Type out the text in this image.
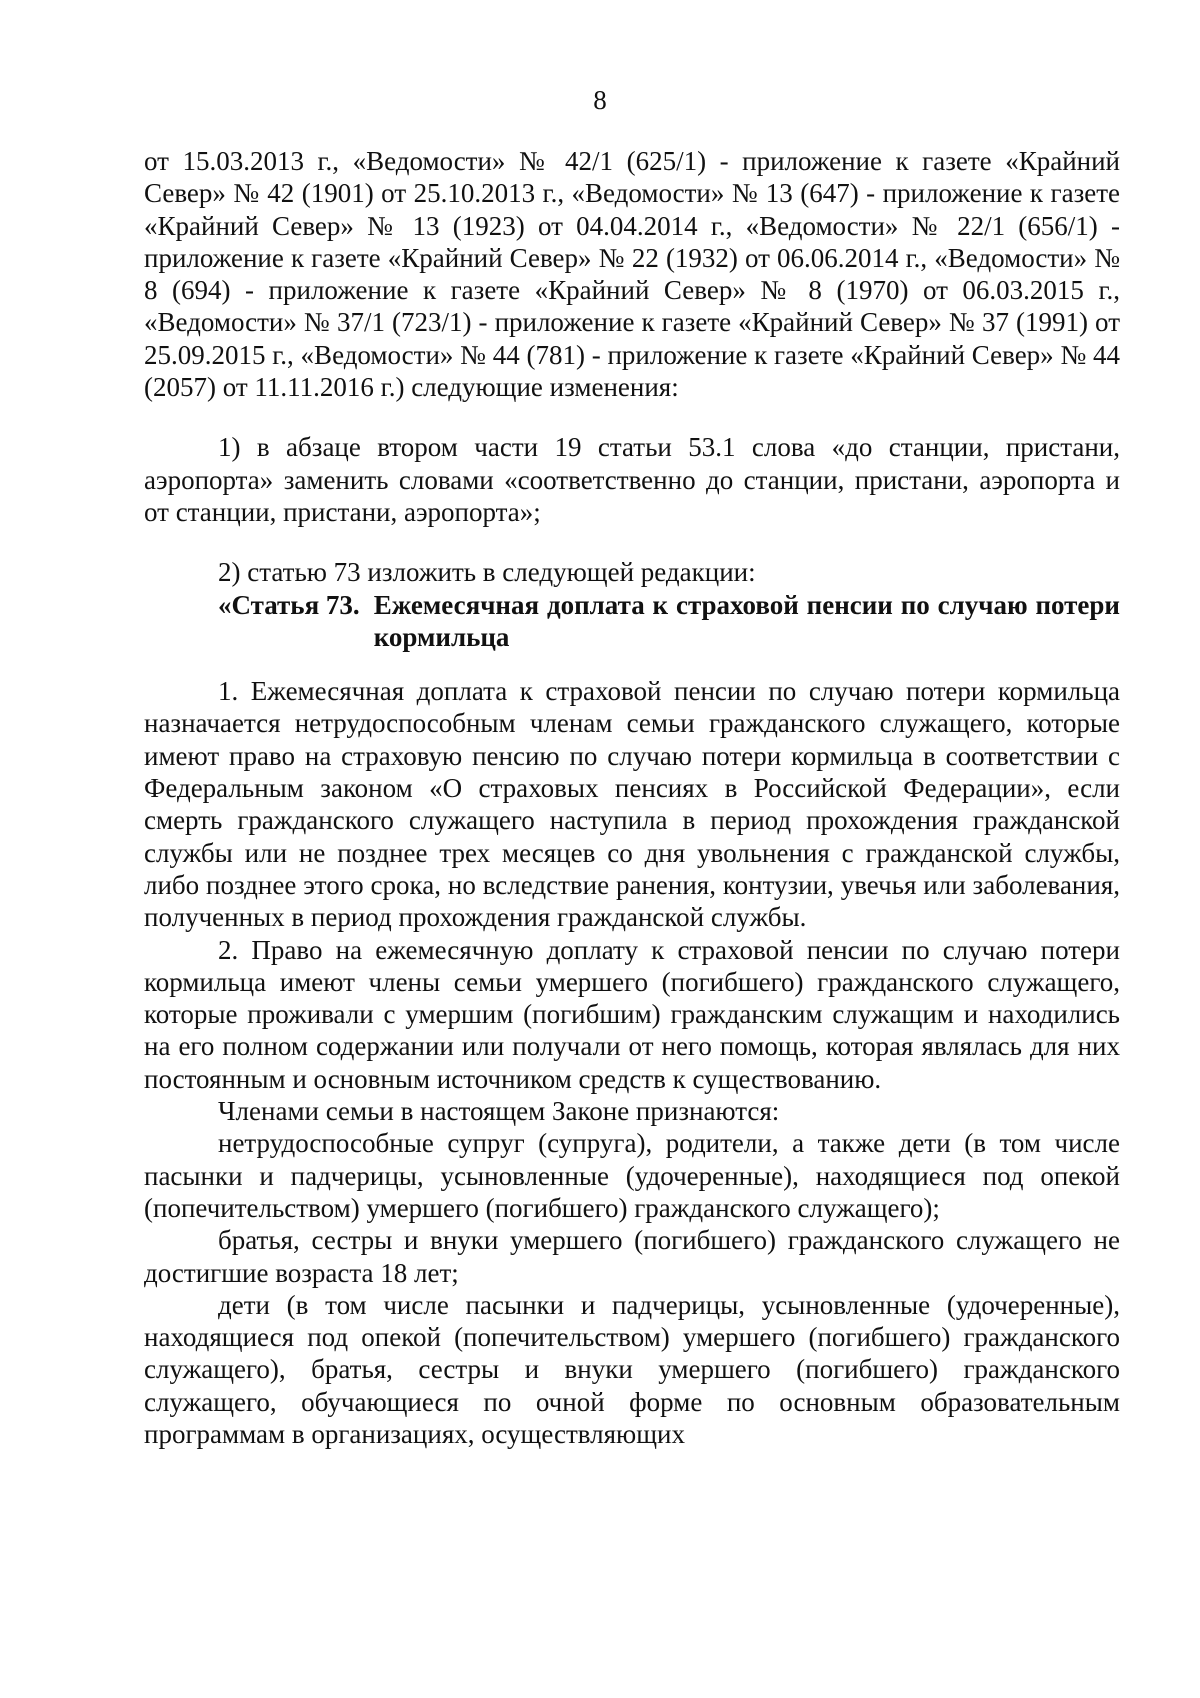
8

от 15.03.2013 г., «Ведомости» № 42/1 (625/1) - приложение к газете «Крайний Север» № 42 (1901) от 25.10.2013 г., «Ведомости» № 13 (647) - приложение к газете «Крайний Север» № 13 (1923) от 04.04.2014 г., «Ведомости» № 22/1 (656/1) - приложение к газете «Крайний Север» № 22 (1932) от 06.06.2014 г., «Ведомости» № 8 (694) - приложение к газете «Крайний Север» № 8 (1970) от 06.03.2015 г., «Ведомости» № 37/1 (723/1) - приложение к газете «Крайний Север» № 37 (1991) от 25.09.2015 г., «Ведомости» № 44 (781) - приложение к газете «Крайний Север» № 44 (2057) от 11.11.2016 г.) следующие изменения:

1) в абзаце втором части 19 статьи 53.1 слова «до станции, пристани, аэропорта» заменить словами «соответственно до станции, пристани, аэропорта и от станции, пристани, аэропорта»;

2) статью 73 изложить в следующей редакции:

«Статья 73. Ежемесячная доплата к страховой пенсии по случаю потери кормильца

1. Ежемесячная доплата к страховой пенсии по случаю потери кормильца назначается нетрудоспособным членам семьи гражданского служащего, которые имеют право на страховую пенсию по случаю потери кормильца в соответствии с Федеральным законом «О страховых пенсиях в Российской Федерации», если смерть гражданского служащего наступила в период прохождения гражданской службы или не позднее трех месяцев со дня увольнения с гражданской службы, либо позднее этого срока, но вследствие ранения, контузии, увечья или заболевания, полученных в период прохождения гражданской службы.

2. Право на ежемесячную доплату к страховой пенсии по случаю потери кормильца имеют члены семьи умершего (погибшего) гражданского служащего, которые проживали с умершим (погибшим) гражданским служащим и находились на его полном содержании или получали от него помощь, которая являлась для них постоянным и основным источником средств к существованию.

Членами семьи в настоящем Законе признаются:

нетрудоспособные супруг (супруга), родители, а также дети (в том числе пасынки и падчерицы, усыновленные (удочеренные), находящиеся под опекой (попечительством) умершего (погибшего) гражданского служащего);

братья, сестры и внуки умершего (погибшего) гражданского служащего не достигшие возраста 18 лет;

дети (в том числе пасынки и падчерицы, усыновленные (удочеренные), находящиеся под опекой (попечительством) умершего (погибшего) гражданского служащего), братья, сестры и внуки умершего (погибшего) гражданского служащего, обучающиеся по очной форме по основным образовательным программам в организациях, осуществляющих
